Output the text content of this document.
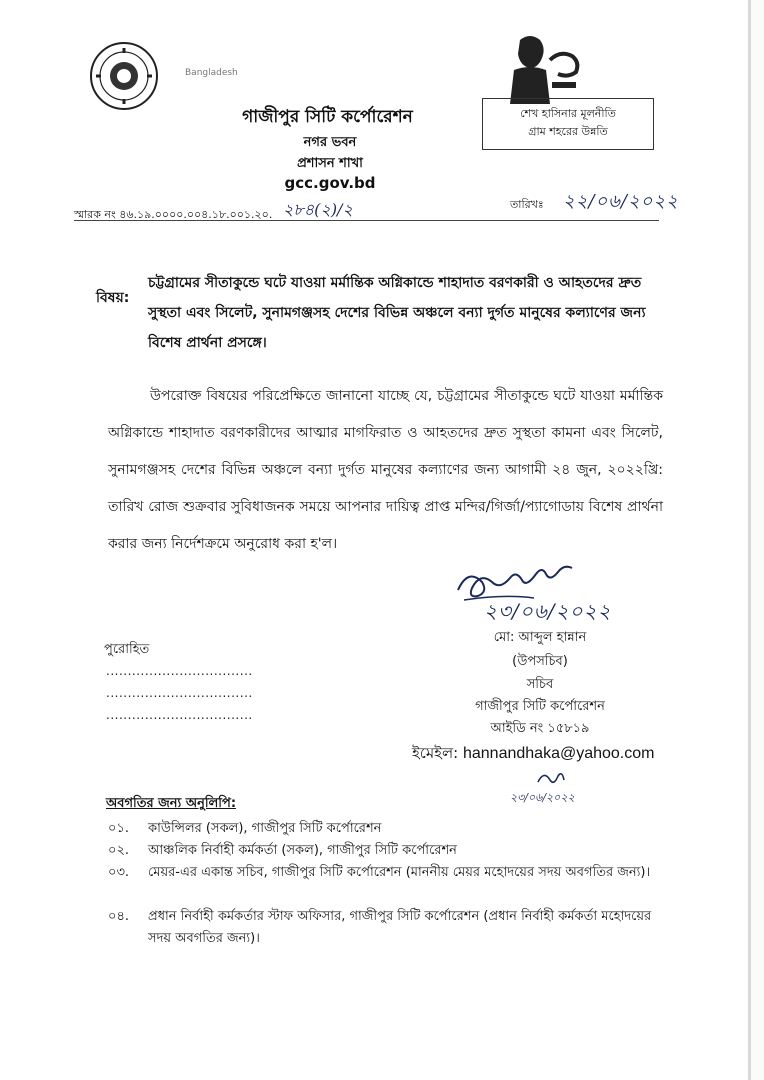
Bangladesh
গাজীপুর সিটি কর্পোরেশন
নগর ভবন
প্রশাসন শাখা
gcc.gov.bd
শেখ হাসিনার মূলনীতি
গ্রাম শহরের উন্নতি
স্মারক নং ৪৬.১৯.০০০০.০০৪.১৮.০০১.২০. ২৮৪(২)/২	তারিখঃ ২২/০৬/২০২২
বিষয়:
চট্টগ্রামের সীতাকুন্ডে ঘটে যাওয়া মর্মান্তিক অগ্নিকান্ডে শাহাদাত বরণকারী ও আহতদের দ্রুত সুস্থতা এবং সিলেট, সুনামগঞ্জসহ দেশের বিভিন্ন অঞ্চলে বন্যা দুর্গত মানুষের কল্যাণের জন্য বিশেষ প্রার্থনা প্রসঙ্গে।
উপরোক্ত বিষয়ের পরিপ্রেক্ষিতে জানানো যাচ্ছে যে, চট্টগ্রামের সীতাকুন্ডে ঘটে যাওয়া মর্মান্তিক অগ্নিকান্ডে শাহাদাত বরণকারীদের আত্মার মাগফিরাত ও আহতদের দ্রুত সুস্থতা কামনা এবং সিলেট, সুনামগঞ্জসহ দেশের বিভিন্ন অঞ্চলে বন্যা দুর্গত মানুষের কল্যাণের জন্য আগামী ২৪ জুন, ২০২২খ্রি: তারিখ রোজ শুক্রবার সুবিধাজনক সময়ে আপনার দায়িত্ব প্রাপ্ত মন্দির/গির্জা/প্যাগোডায় বিশেষ প্রার্থনা করার জন্য নির্দেশক্রমে অনুরোধ করা হ'ল।
২৩/০৬/২০২২
মো: আব্দুল হান্নান
(উপসচিব)
সচিব
গাজীপুর সিটি কর্পোরেশন
আইডি নং ১৫৮১৯
ইমেইল: hannandhaka@yahoo.com
পুরোহিত
..................................
..................................
..................................
২৩/০৬/২০২২
অবগতির জন্য অনুলিপি:
০১. কাউন্সিলর (সকল), গাজীপুর সিটি কর্পোরেশন
০২. আঞ্চলিক নির্বাহী কর্মকর্তা (সকল), গাজীপুর সিটি কর্পোরেশন
০৩. মেয়র-এর একান্ত সচিব, গাজীপুর সিটি কর্পোরেশন (মাননীয় মেয়র মহোদয়ের সদয় অবগতির জন্য)।
০৪. প্রধান নির্বাহী কর্মকর্তার স্টাফ অফিসার, গাজীপুর সিটি কর্পোরেশন (প্রধান নির্বাহী কর্মকর্তা মহোদয়ের সদয় অবগতির জন্য)।
